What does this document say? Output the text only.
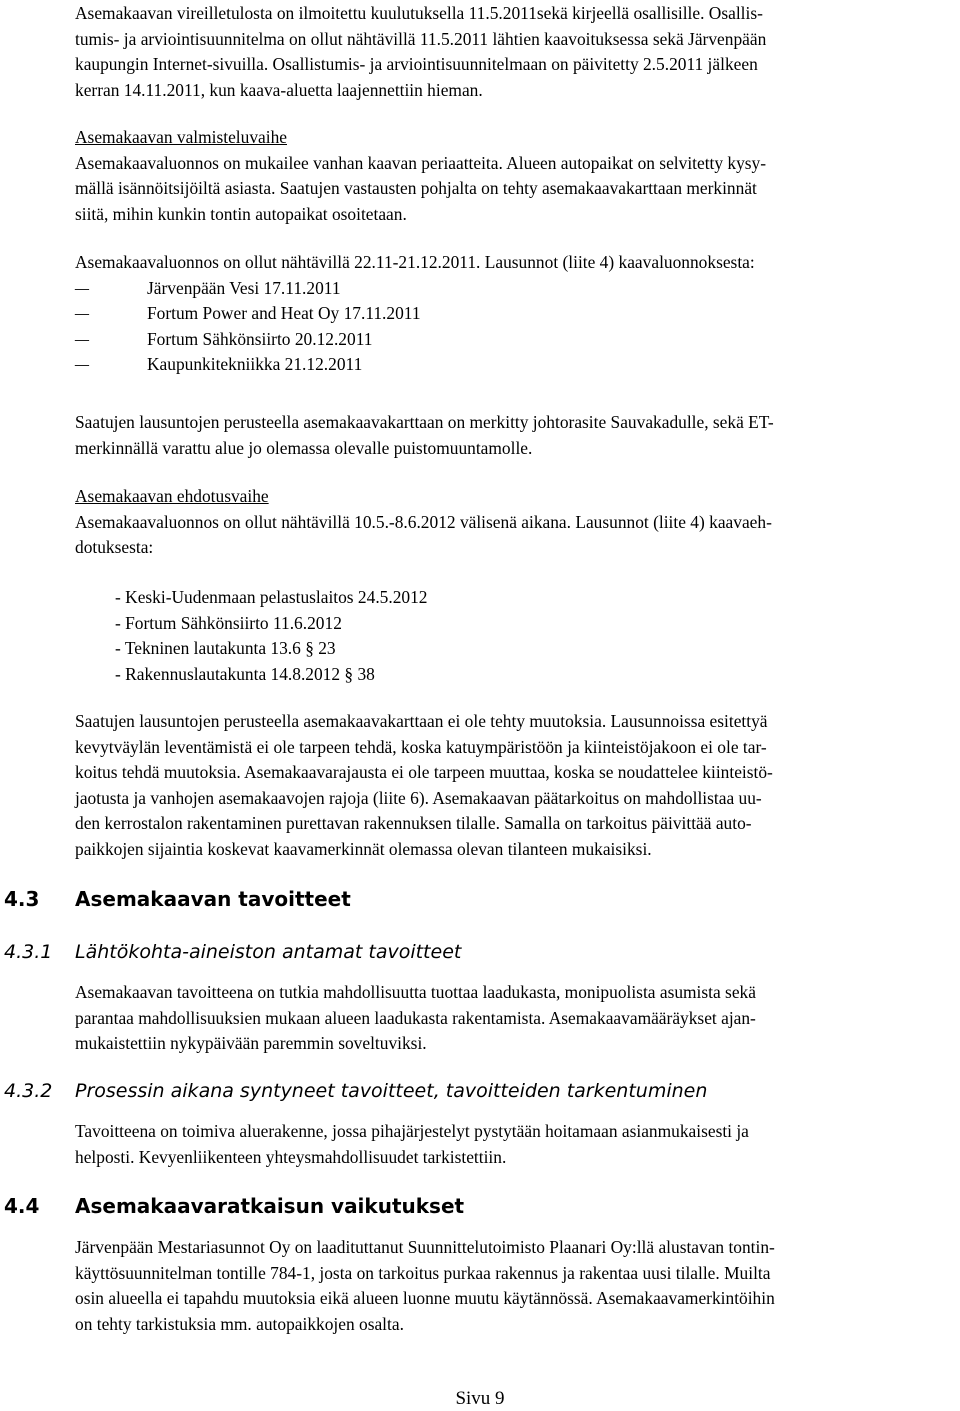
Asemakaavan vireilletulosta on ilmoitettu kuulutuksella 11.5.2011sekä kirjeellä osallisille. Osallis-

tumis- ja arviointisuunnitelma on ollut nähtävillä 11.5.2011 lähtien kaavoituksessa sekä Järvenpään

kaupungin Internet-sivuilla. Osallistumis- ja arviointisuunnitelmaan on päivitetty 2.5.2011 jälkeen

kerran 14.11.2011, kun kaava-aluetta laajennettiin hieman.

Asemakaavan valmisteluvaihe

Asemakaavaluonnos on mukailee vanhan kaavan periaatteita. Alueen autopaikat on selvitetty kysy-

mällä isännöitsijöiltä asiasta. Saatujen vastausten pohjalta on tehty asemakaavakarttaan merkinnät

siitä, mihin kunkin tontin autopaikat osoitetaan.

Asemakaavaluonnos on ollut nähtävillä 22.11-21.12.2011. Lausunnot (liite 4) kaavaluonnoksesta:

– Järvenpään Vesi 17.11.2011
– Fortum Power and Heat Oy 17.11.2011
– Fortum Sähkönsiirto 20.12.2011
– Kaupunkitekniikka 21.12.2011

Saatujen lausuntojen perusteella asemakaavakarttaan on merkitty johtorasite Sauvakadulle, sekä ET-

merkinnällä varattu alue jo olemassa olevalle puistomuuntamolle.

Asemakaavan ehdotusvaihe

Asemakaavaluonnos on ollut nähtävillä 10.5.-8.6.2012 välisenä aikana. Lausunnot (liite 4) kaavaeh-

dotuksesta:

- Keski-Uudenmaan pelastuslaitos 24.5.2012
- Fortum Sähkönsiirto 11.6.2012
- Tekninen lautakunta 13.6 § 23
- Rakennuslautakunta 14.8.2012 § 38

Saatujen lausuntojen perusteella asemakaavakarttaan ei ole tehty muutoksia. Lausunnoissa esitettyä

kevytväylän leventämistä ei ole tarpeen tehdä, koska katuympäristöön ja kiinteistöjakoon ei ole tar-

koitus tehdä muutoksia. Asemakaavarajausta ei ole tarpeen muuttaa, koska se noudattelee kiinteistö-

jaotusta ja vanhojen asemakaavojen rajoja (liite 6). Asemakaavan päätarkoitus on mahdollistaa uu-

den kerrostalon rakentaminen purettavan rakennuksen tilalle. Samalla on tarkoitus päivittää auto-

paikkojen sijaintia koskevat kaavamerkinnät olemassa olevan tilanteen mukaisiksi.

4.3 Asemakaavan tavoitteet
4.3.1 Lähtökohta-aineiston antamat tavoitteet

Asemakaavan tavoitteena on tutkia mahdollisuutta tuottaa laadukasta, monipuolista asumista sekä

parantaa mahdollisuuksien mukaan alueen laadukasta rakentamista. Asemakaavamääräykset ajan-

mukaistettiin nykypäivään paremmin soveltuviksi.

4.3.2 Prosessin aikana syntyneet tavoitteet, tavoitteiden tarkentuminen

Tavoitteena on toimiva aluerakenne, jossa pihajärjestelyt pystytään hoitamaan asianmukaisesti ja

helposti. Kevyenliikenteen yhteysmahdollisuudet tarkistettiin.

4.4 Asemakaavaratkaisun vaikutukset

Järvenpään Mestariasunnot Oy on laadituttanut Suunnittelutoimisto Plaanari Oy:llä alustavan tontin-

käyttösuunnitelman tontille 784-1, josta on tarkoitus purkaa rakennus ja rakentaa uusi tilalle. Muilta

osin alueella ei tapahdu muutoksia eikä alueen luonne muutu käytännössä. Asemakaavamerkintöihin

on tehty tarkistuksia mm. autopaikkojen osalta.

Sivu 9
